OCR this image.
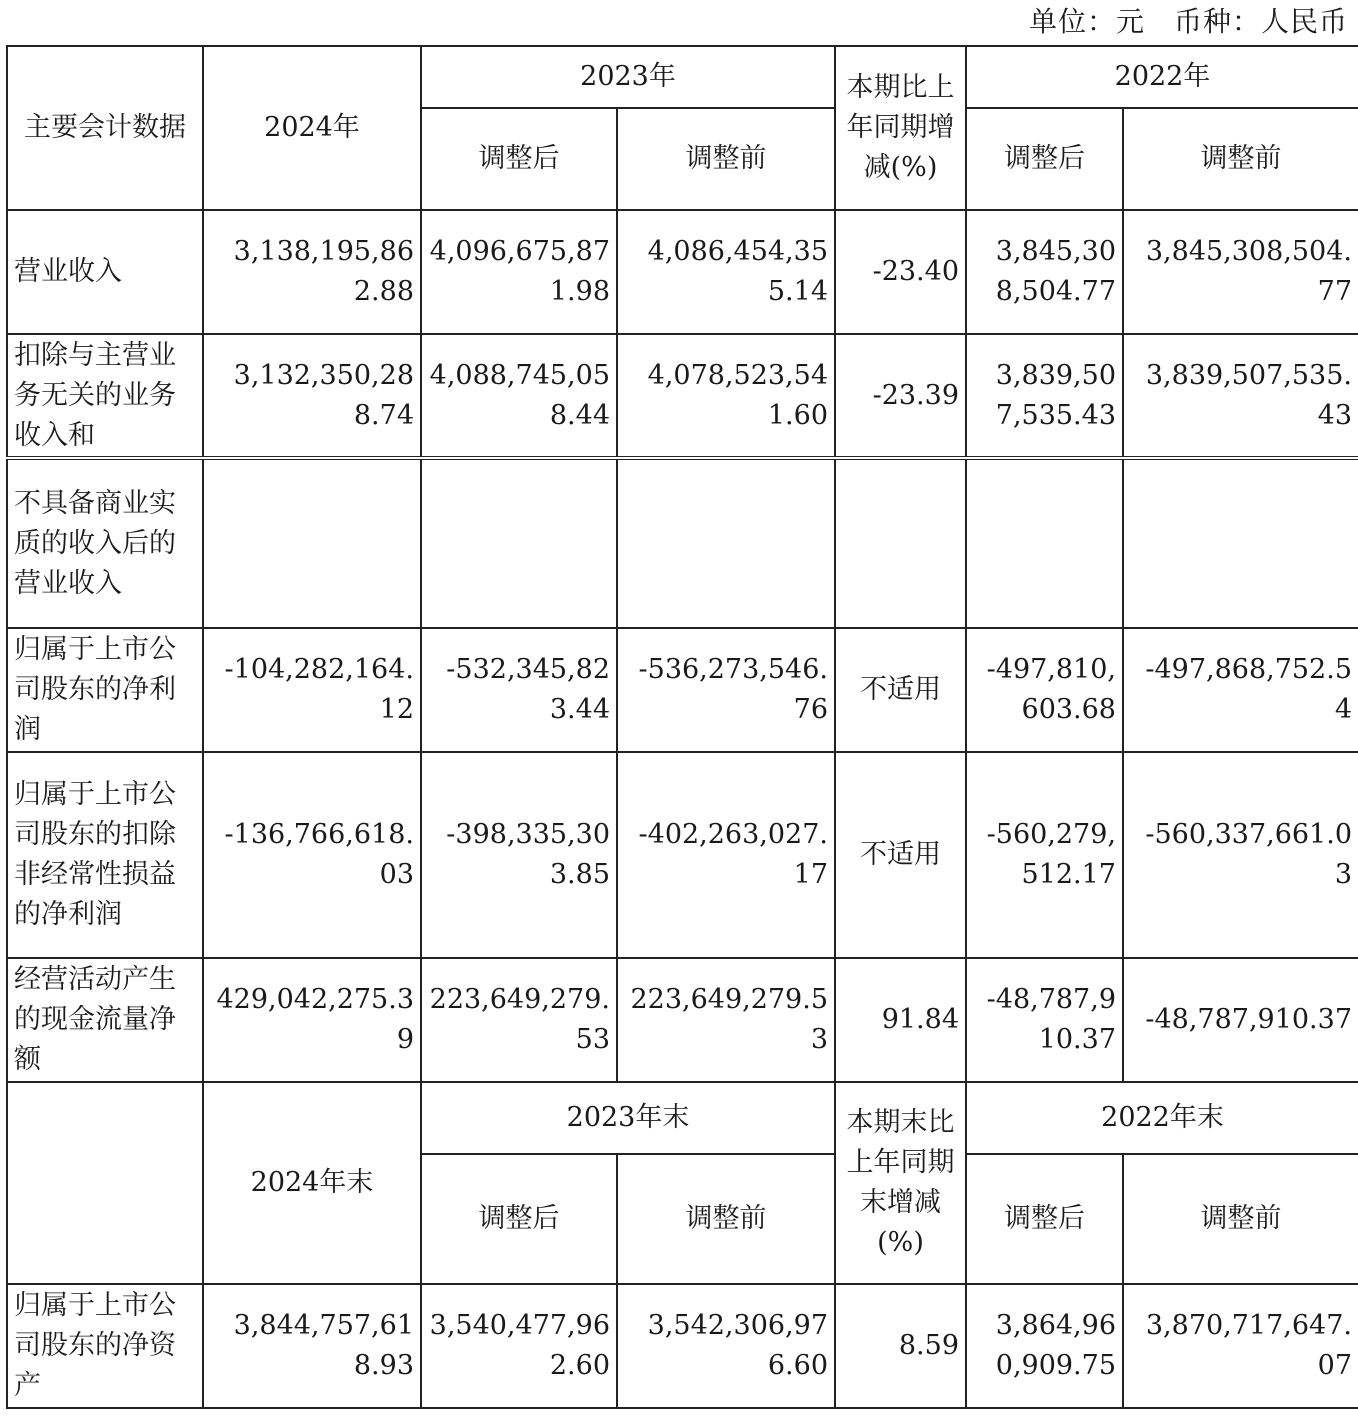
单位：元　币种：人民币
主要会计数据	2024年	2023年		本期比上年同期增减(%)	2022年	
		调整后	调整前		调整后	调整前
营业收入	3,138,195,862.88	4,096,675,871.98	4,086,454,355.14	-23.40	3,845,308,504.77	3,845,308,504.77
扣除与主营业务无关的业务收入和	3,132,350,288.74	4,088,745,058.44	4,078,523,541.60	-23.39	3,839,507,535.43	3,839,507,535.43
不具备商业实质的收入后的营业收入						
归属于上市公司股东的净利润	-104,282,164.12	-532,345,823.44	-536,273,546.76	不适用	-497,810,603.68	-497,868,752.54
归属于上市公司股东的扣除非经常性损益的净利润	-136,766,618.03	-398,335,303.85	-402,263,027.17	不适用	-560,279,512.17	-560,337,661.03
经营活动产生的现金流量净额	429,042,275.39	223,649,279.53	223,649,279.53	91.84	-48,787,910.37	-48,787,910.37
	2024年末	2023年末		本期末比上年同期末增减(%)	2022年末	
		调整后	调整前		调整后	调整前
归属于上市公司股东的净资产	3,844,757,618.93	3,540,477,962.60	3,542,306,976.60	8.59	3,864,960,909.75	3,870,717,647.07
